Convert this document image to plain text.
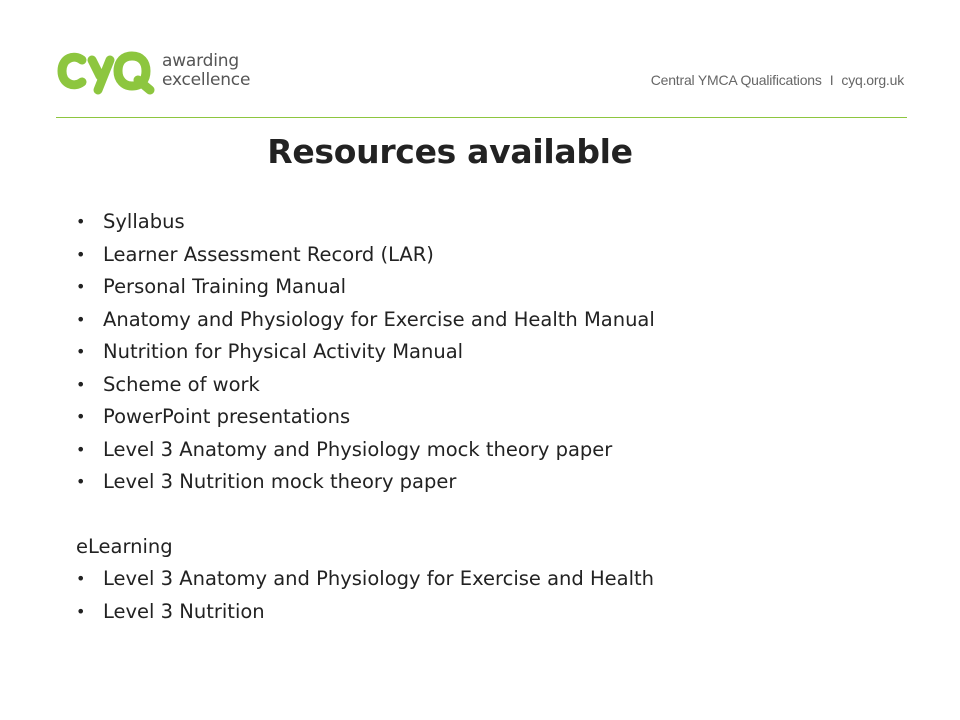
awarding
excellence	Central YMCA Qualifications I cyq.org.uk
Resources available
• Syllabus
• Learner Assessment Record (LAR)
• Personal Training Manual
• Anatomy and Physiology for Exercise and Health Manual
• Nutrition for Physical Activity Manual
• Scheme of work
• PowerPoint presentations
• Level 3 Anatomy and Physiology mock theory paper
• Level 3 Nutrition mock theory paper
eLearning
• Level 3 Anatomy and Physiology for Exercise and Health
• Level 3 Nutrition
